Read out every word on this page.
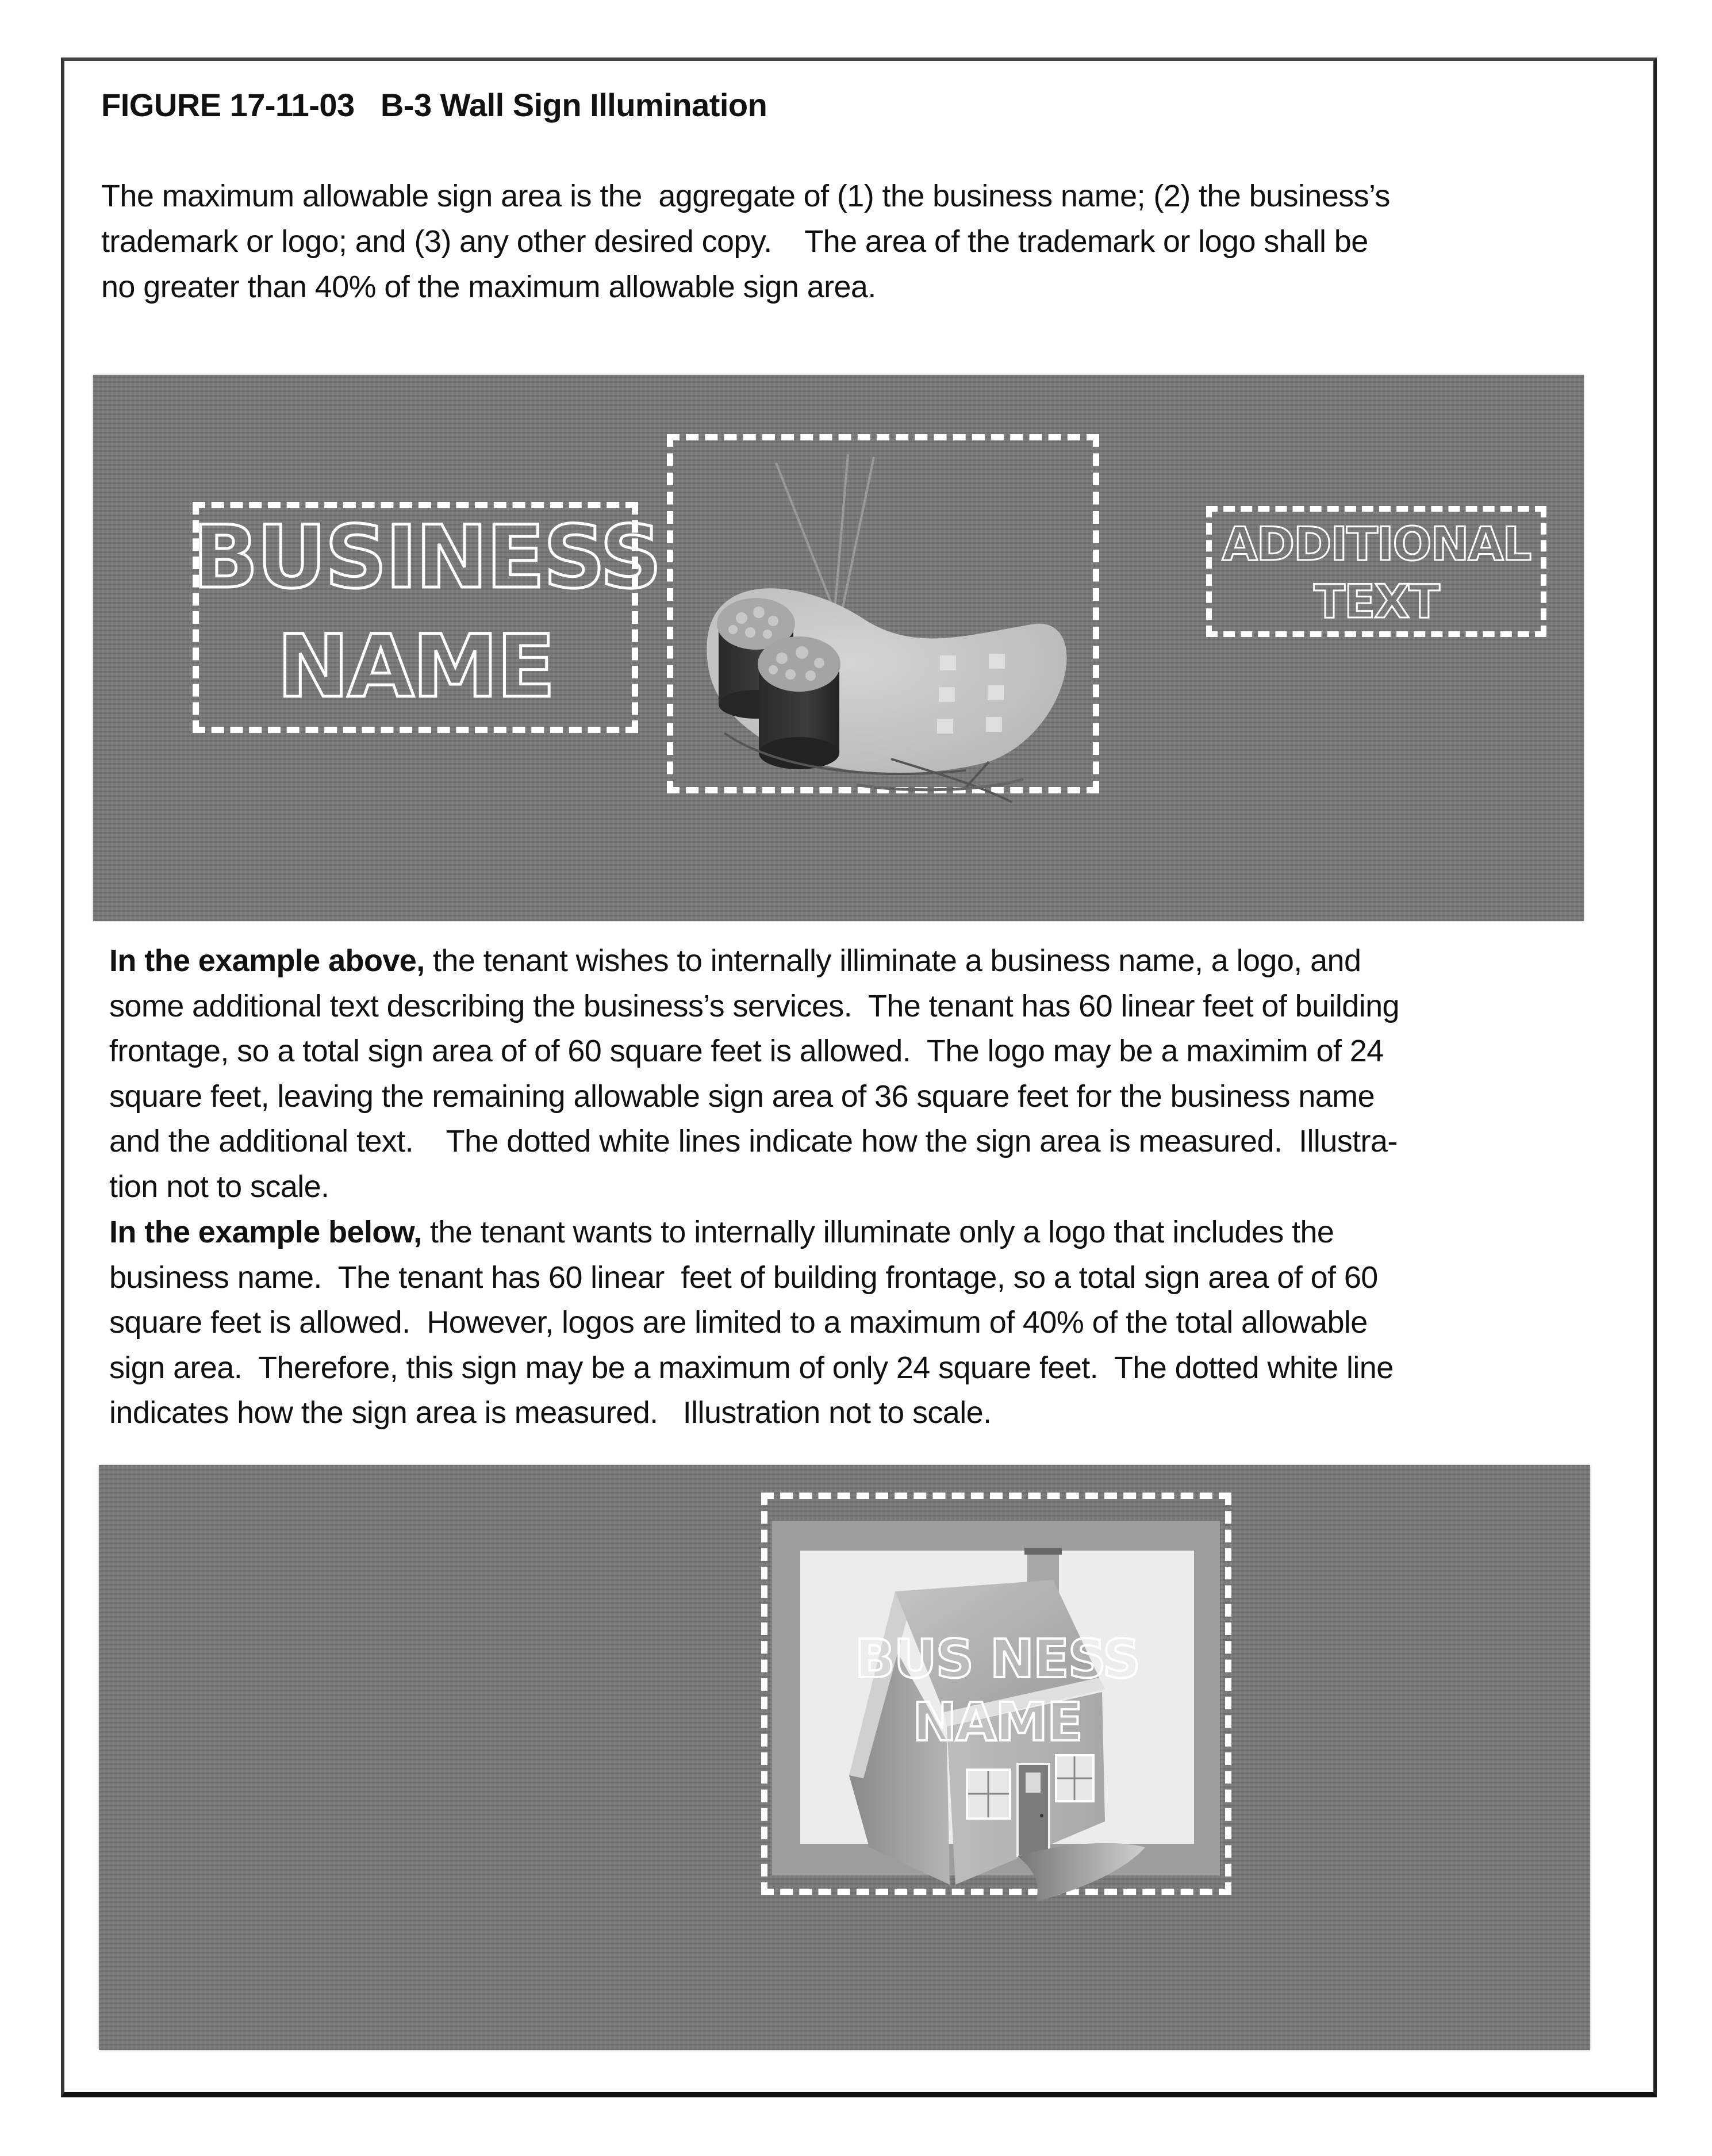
FIGURE 17-11-03   B-3 Wall Sign Illumination
The maximum allowable sign area is the  aggregate of (1) the business name; (2) the business’s
trademark or logo; and (3) any other desired copy.    The area of the trademark or logo shall be
no greater than 40% of the maximum allowable sign area.
BUSINESS
NAME
ADDITIONAL
TEXT
In the example above, the tenant wishes to internally illiminate a business name, a logo, and
some additional text describing the business’s services.  The tenant has 60 linear feet of building
frontage, so a total sign area of of 60 square feet is allowed.  The logo may be a maximim of 24
square feet, leaving the remaining allowable sign area of 36 square feet for the business name
and the additional text.    The dotted white lines indicate how the sign area is measured.  Illustra-
tion not to scale.
In the example below, the tenant wants to internally illuminate only a logo that includes the
business name.  The tenant has 60 linear  feet of building frontage, so a total sign area of of 60
square feet is allowed.  However, logos are limited to a maximum of 40% of the total allowable
sign area.  Therefore, this sign may be a maximum of only 24 square feet.  The dotted white line
indicates how the sign area is measured.   Illustration not to scale.
BUS NESS
NAME
